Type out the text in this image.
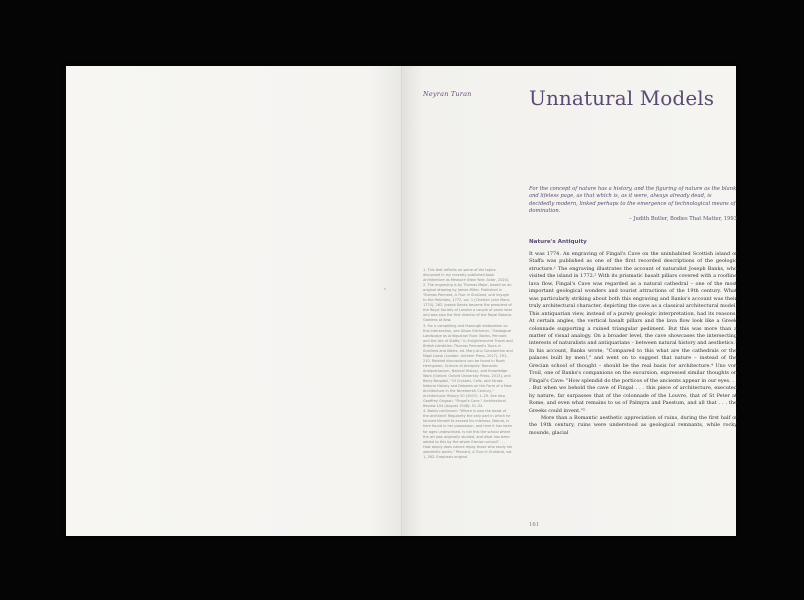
Neyran Turan	Unnatural Models
For the concept of nature has a history, and the figuring of nature as the blank and lifeless page, as that which is, as it were, always already dead, is decidedly modern, linked perhaps to the emergence of technological means of domination.
– Judith Butler, Bodies That Matter, 1993
Nature's Antiquity

It was 1774. An engraving of Fingal's Cave on the uninhabited Scottish island of Staffa was published as one of the first recorded descriptions of the geologic structure.¹ The engraving illustrates the account of naturalist Joseph Banks, who visited the island in 1772.² With its prismatic basalt pillars covered with a roofline lava flow, Fingal's Cave was regarded as a natural cathedral – one of the most important geological wonders and tourist attractions of the 19th century. What was particularly striking about both this engraving and Banks's account was their truly architectural character, depicting the cave as a classical architectural model. This antiquarian view, instead of a purely geologic interpretation, had its reasons. At certain angles, the vertical basalt pillars and the lava flow look like a Greek colonnade supporting a ruined triangular pediment. But this was more than a matter of visual analogy. On a broader level, the cave showcases the intersecting interests of naturalists and antiquarians – between natural history and aesthetics.³ In his account, Banks wrote, "Compared to this what are the cathedrals or the palaces built by men!," and went on to suggest that nature – instead of the Grecian school of thought – should be the real basis for architecture.⁴ Uno von Troil, one of Banks's companions on the excursion, expressed similar thoughts on Fingal's Cave: "How splendid do the porticos of the ancients appear in our eyes. . . . But when we behold the cave of Fingal . . . this piece of architecture, executed by nature, far surpasses that of the colonnade of the Louvre, that of St Peter at Rome, and even what remains to us of Palmyra and Paestum, and all that . . . the Greeks could invent."⁵

More than a Romantic aesthetic appreciation of ruins, during the first half of the 19th century, ruins were understood as geological remnants, while rocky mounds, glacial

1. This text reflects on some of the topics discussed in my recently published book Architecture as Measure (New York: Actar, 2020).

2. The engraving is by Thomas Major, based on an original drawing by James Miller. Published in Thomas Pennant, A Tour in Scotland, and Voyage to the Hebrides, 1772, vol. 1 (Chester: John Monk, 1774), 262. Joseph Banks became the president of the Royal Society of London a couple of years later and was also the first director of the Royal Botanic Gardens at Kew.

3. For a compelling and thorough elaboration on this intersection, see Alison Kitchener, "Geological Landscape as Antiquarian Ruin: Banks, Pennant and the Isle of Staffa," in Enlightenment Travel and British Identities: Thomas Pennant's Tours in Scotland and Wales, ed. Mary-Ann Constantine and Nigel Leask (London: Anthem Press, 2017), 191–210. Related discussions can be found in Noah Heringman, Science of Antiquity: Romantic Antiquarianism, Natural History, and Knowledge Work (Oxford: Oxford University Press, 2013), and Barry Bergdoll, "Of Crystals, Cells, and Strata: Natural History and Debates on the Form of a New Architecture in the Nineteenth Century," Architectural History 50 (2007): 1–29. See also Geoffrey Grigson, "Fingal's Cave," Architectural Review 104 (August 1948): 51–54.

4. Banks continued: "Where is now the boast of the architect! Regularity the only part in which he fancied himself to exceed his mistress, Nature, is here found in her possession, and here it has been for ages undescribed. Is not this the school where the art was originally studied, and what has been added to this by the whole Grecian school? . . . How amply does nature repay those who study her wonderful works." Pennant, A Tour in Scotland, vol. 1, 262. Emphasis original.

161
